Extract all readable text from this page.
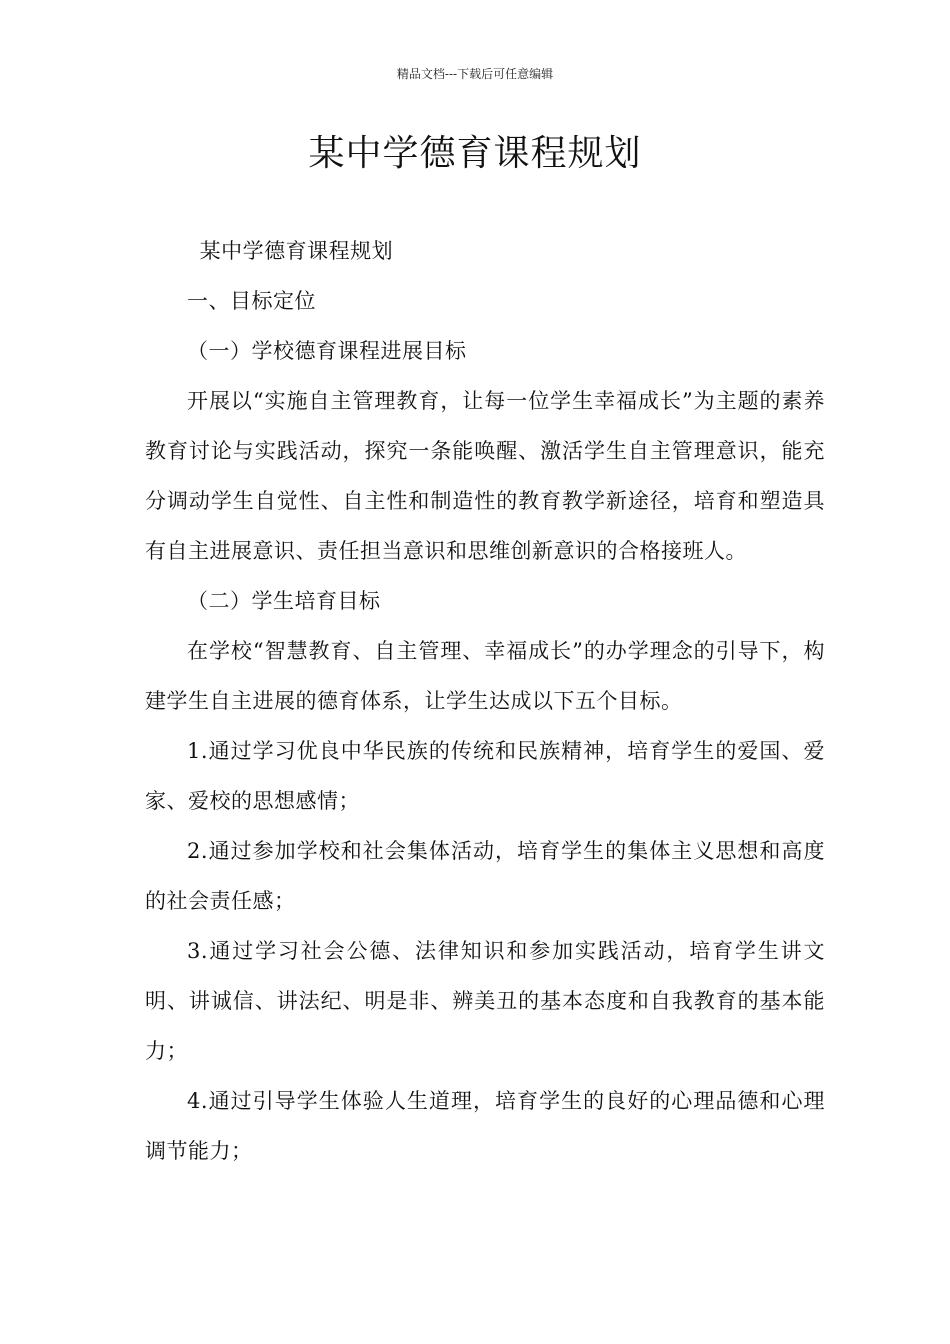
精品文档---下载后可任意编辑
某中学德育课程规划

某中学德育课程规划

一、目标定位

（一）学校德育课程进展目标

开展以“实施自主管理教育，让每一位学生幸福成长”为主题的素养教育讨论与实践活动，探究一条能唤醒、激活学生自主管理意识，能充分调动学生自觉性、自主性和制造性的教育教学新途径，培育和塑造具有自主进展意识、责任担当意识和思维创新意识的合格接班人。

（二）学生培育目标

在学校“智慧教育、自主管理、幸福成长”的办学理念的引导下，构建学生自主进展的德育体系，让学生达成以下五个目标。

1.通过学习优良中华民族的传统和民族精神，培育学生的爱国、爱家、爱校的思想感情；

2.通过参加学校和社会集体活动，培育学生的集体主义思想和高度的社会责任感；

3.通过学习社会公德、法律知识和参加实践活动，培育学生讲文明、讲诚信、讲法纪、明是非、辨美丑的基本态度和自我教育的基本能力；

4.通过引导学生体验人生道理，培育学生的良好的心理品德和心理调节能力；
